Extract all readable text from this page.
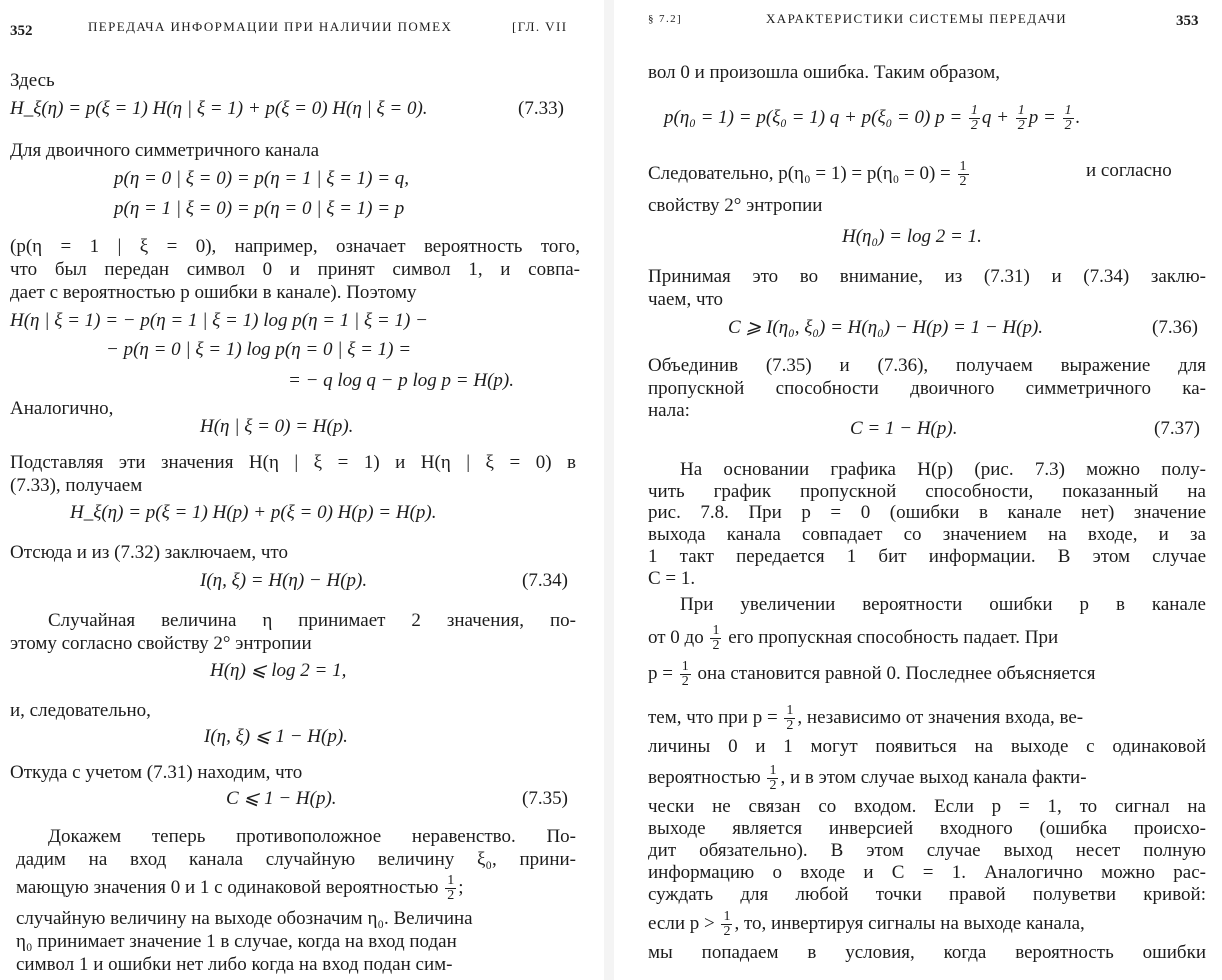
352	ПЕРЕДАЧА ИНФОРМАЦИИ ПРИ НАЛИЧИИ ПОМЕХ	[ГЛ. VII
Здесь
H_ξ(η) = p(ξ = 1) H(η | ξ = 1) + p(ξ = 0) H(η | ξ = 0).	(7.33)
Для двоичного симметричного канала
p(η = 0 | ξ = 0) = p(η = 1 | ξ = 1) = q,
p(η = 1 | ξ = 0) = p(η = 0 | ξ = 1) = p
(p(η = 1 | ξ = 0), например, означает вероятность того,
что был передан символ 0 и принят символ 1, и совпа-
дает с вероятностью p ошибки в канале). Поэтому
H(η | ξ = 1) = − p(η = 1 | ξ = 1) log p(η = 1 | ξ = 1) −
− p(η = 0 | ξ = 1) log p(η = 0 | ξ = 1) =
= − q log q − p log p = H(p).
Аналогично,
H(η | ξ = 0) = H(p).
Подставляя эти значения H(η | ξ = 1) и H(η | ξ = 0) в
(7.33), получаем
H_ξ(η) = p(ξ = 1) H(p) + p(ξ = 0) H(p) = H(p).
Отсюда и из (7.32) заключаем, что
I(η, ξ) = H(η) − H(p).	(7.34)
Случайная величина η принимает 2 значения, по-
этому согласно свойству 2° энтропии
H(η) ⩽ log 2 = 1,
и, следовательно,
I(η, ξ) ⩽ 1 − H(p).
Откуда с учетом (7.31) находим, что
C ⩽ 1 − H(p).	(7.35)
Докажем теперь противоположное неравенство. По-
дадим на вход канала случайную величину ξ₀, прини-
мающую значения 0 и 1 с одинаковой вероятностью $\frac{1}{2}$ ;
случайную величину на выходе обозначим η₀. Величина
η₀ принимает значение 1 в случае, когда на вход подан
символ 1 и ошибки нет либо когда на вход подан сим-
§ 7.2]	ХАРАКТЕРИСТИКИ СИСТЕМЫ ПЕРЕДАЧИ	353
вол 0 и произошла ошибка. Таким образом,
p(η₀ = 1) = p(ξ₀ = 1) q + p(ξ₀ = 0) $p = \frac{1}{2}$ $q + \frac{1}{2}$ $p = \frac{1}{2}$ .
Следовательно, $p(\eta_0 = 1) = p(\eta_0 = 0) = \frac{1}{2}$	и согласно
свойству 2° энтропии
H(η₀) = log 2 = 1.
Принимая это во внимание, из (7.31) и (7.34) заклю-
чаем, что
C ⩾ I(η₀, ξ₀) = H(η₀) − H(p) = 1 − H(p).	(7.36)
Объединив (7.35) и (7.36), получаем выражение для
пропускной способности двоичного симметричного ка-
нала:
C = 1 − H(p).	(7.37)
На основании графика H(p) (рис. 7.3) можно полу-
чить график пропускной способности, показанный на
рис. 7.8. При p = 0 (ошибки в канале нет) значение
выхода канала совпадает со значением на входе, и за
1 такт передается 1 бит информации. В этом случае
C = 1.
При увеличении вероятности ошибки p в канале
от 0 до $\frac{1}{2}$ его пропускная способность падает. При
$p = \frac{1}{2}$ она становится равной 0. Последнее объясняется
тем, что при $p = \frac{1}{2}$ , независимо от значения входа, ве-
личины 0 и 1 могут появиться на выходе с одинаковой
вероятностью $\frac{1}{2}$ , и в этом случае выход канала факти-
чески не связан со входом. Если p = 1, то сигнал на
выходе является инверсией входного (ошибка происхо-
дит обязательно). В этом случае выход несет полную
информацию о входе и C = 1. Аналогично можно рас-
суждать для любой точки правой полуветви кривой:
если $p > \frac{1}{2}$ , то, инвертируя сигналы на выходе канала,
мы попадаем в условия, когда вероятность ошибки
